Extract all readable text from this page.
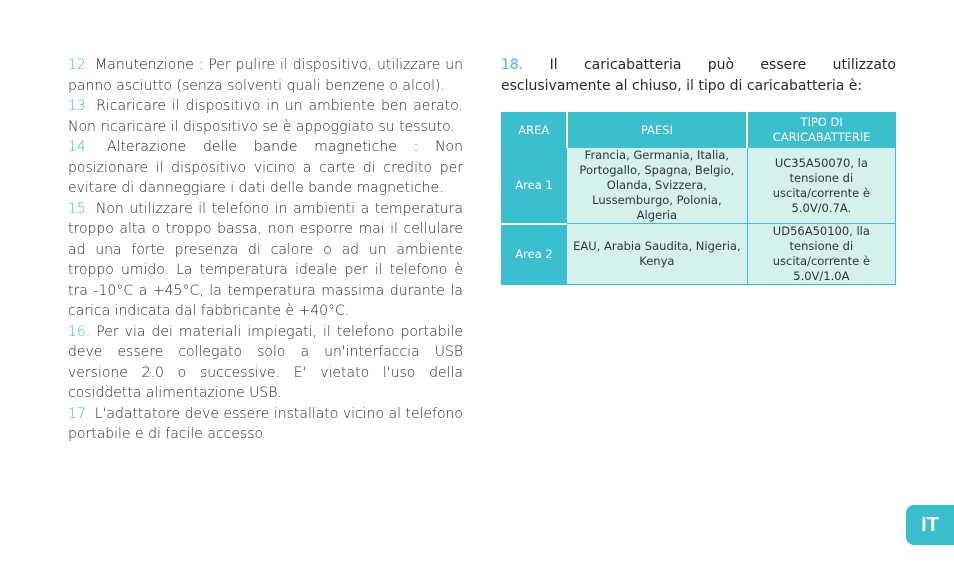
12. Manutenzione : Per pulire il dispositivo, utilizzare un panno asciutto (senza solventi quali benzene o alcol).

13. Ricaricare il dispositivo in un ambiente ben aerato. Non ricaricare il dispositivo se è appoggiato su tessuto.

14. Alterazione delle bande magnetiche : Non posizionare il dispositivo vicino a carte di credito per evitare di danneggiare i dati delle bande magnetiche.

15. Non utilizzare il telefono in ambienti a temperatura troppo alta o troppo bassa, non esporre mai il cellulare ad una forte presenza di calore o ad un ambiente troppo umido. La temperatura ideale per il telefono è tra -10°C a +45°C, la temperatura massima durante la carica indicata dal fabbricante è +40°C.

16. Per via dei materiali impiegati, il telefono portabile deve essere collegato solo a un'interfaccia USB versione 2.0 o successive. E' vietato l'uso della cosiddetta alimentazione USB.

17. L'adattatore deve essere installato vicino al telefono portabile e di facile accesso

18. Il caricabatteria può essere utilizzato esclusivamente al chiuso, il tipo di caricabatteria è:

AREA	PAESI	TIPO DI CARICABATTERIE
Area 1	Francia, Germania, Italia, Portogallo, Spagna, Belgio, Olanda, Svizzera, Lussemburgo, Polonia, Algeria	UC35A50070, la tensione di uscita/corrente è 5.0V/0.7A.
Area 2	EAU, Arabia Saudita, Nigeria, Kenya	UD56A50100, lla tensione di uscita/corrente è 5.0V/1.0A
IT
